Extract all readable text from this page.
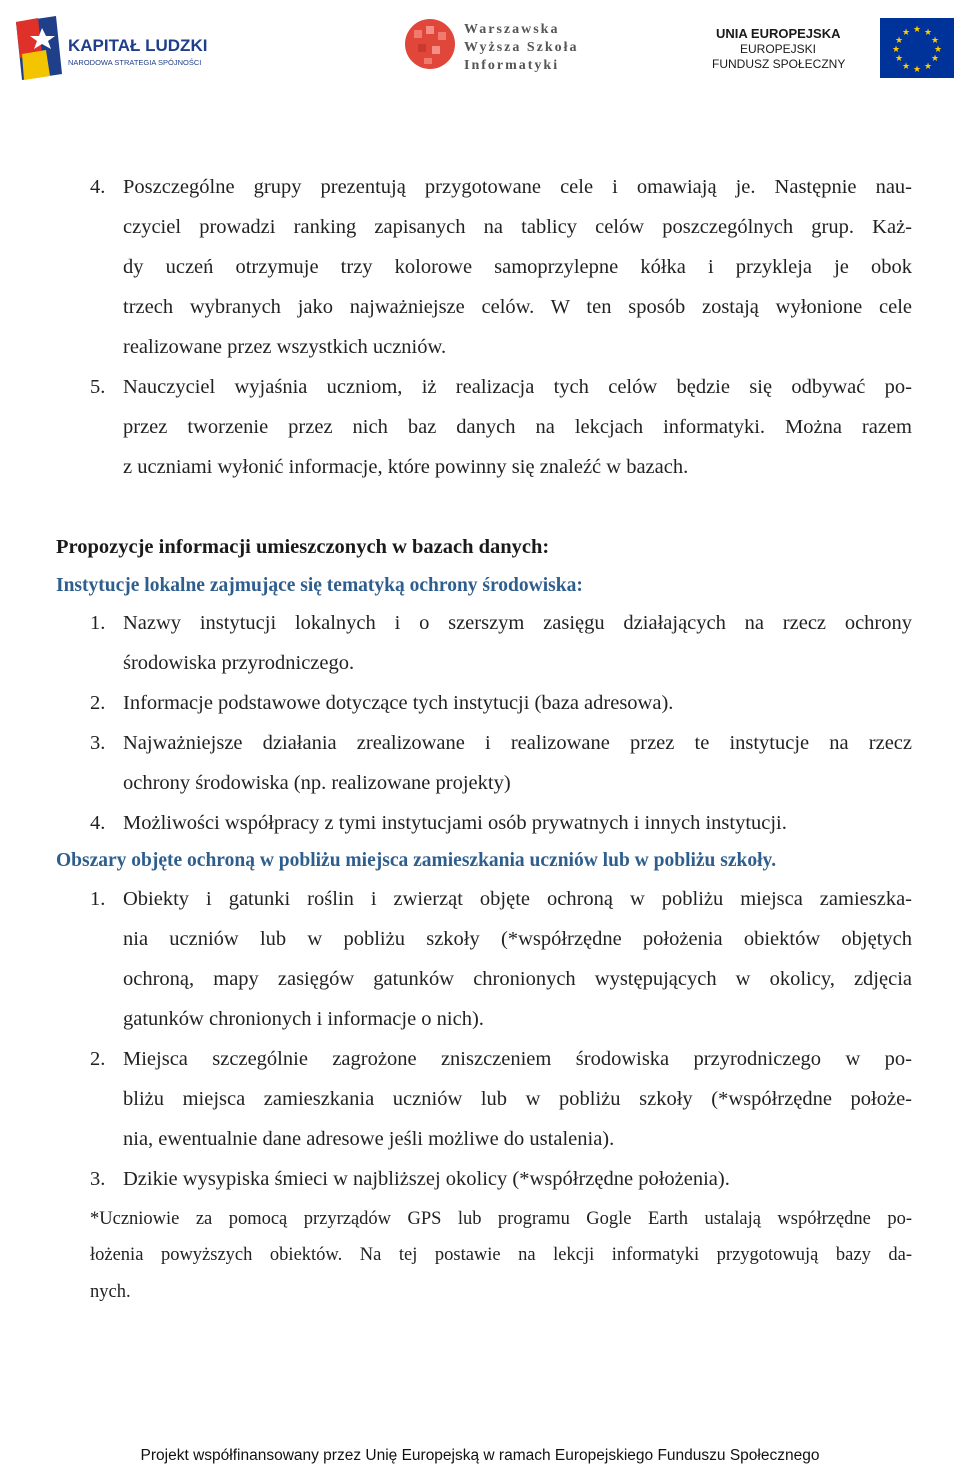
KAPITAŁ LUDZKI
NARODOWA STRATEGIA SPÓJNOŚCI
Warszawska
Wyższa Szkoła
Informatyki
UNIA EUROPEJSKA
EUROPEJSKI
FUNDUSZ SPOŁECZNY
★ ★
★
★
★
★
★
★
★
★
★
★
4. Poszczególne grupy prezentują przygotowane cele i omawiają je. Następnie nau-
czyciel prowadzi ranking zapisanych na tablicy celów poszczególnych grup. Każ-
dy uczeń otrzymuje trzy kolorowe samoprzylepne kółka i przykleja je obok
trzech wybranych jako najważniejsze celów. W ten sposób zostają wyłonione cele
realizowane przez wszystkich uczniów.
5. Nauczyciel wyjaśnia uczniom, iż realizacja tych celów będzie się odbywać po-
przez tworzenie przez nich baz danych na lekcjach informatyki. Można razem
z uczniami wyłonić informacje, które powinny się znaleźć w bazach.
Propozycje informacji umieszczonych w bazach danych:
Instytucje lokalne zajmujące się tematyką ochrony środowiska:
1. Nazwy instytucji lokalnych i o szerszym zasięgu działających na rzecz ochrony
środowiska przyrodniczego.
2. Informacje podstawowe dotyczące tych instytucji (baza adresowa).
3. Najważniejsze działania zrealizowane i realizowane przez te instytucje na rzecz
ochrony środowiska (np. realizowane projekty)
4. Możliwości współpracy z tymi instytucjami osób prywatnych i innych instytucji.
Obszary objęte ochroną w pobliżu miejsca zamieszkania uczniów lub w pobliżu szkoły.
1. Obiekty i gatunki roślin i zwierząt objęte ochroną w pobliżu miejsca zamieszka-
nia uczniów lub w pobliżu szkoły (*współrzędne położenia obiektów objętych
ochroną, mapy zasięgów gatunków chronionych występujących w okolicy, zdjęcia
gatunków chronionych i informacje o nich).
2. Miejsca szczególnie zagrożone zniszczeniem środowiska przyrodniczego w po-
bliżu miejsca zamieszkania uczniów lub w pobliżu szkoły (*współrzędne położe-
nia, ewentualnie dane adresowe jeśli możliwe do ustalenia).
3. Dzikie wysypiska śmieci w najbliższej okolicy (*współrzędne położenia).
*Uczniowie za pomocą przyrządów GPS lub programu Gogle Earth ustalają współrzędne po-
łożenia powyższych obiektów. Na tej postawie na lekcji informatyki przygotowują bazy da-
nych.
Projekt współfinansowany przez Unię Europejską w ramach Europejskiego Funduszu Społecznego
